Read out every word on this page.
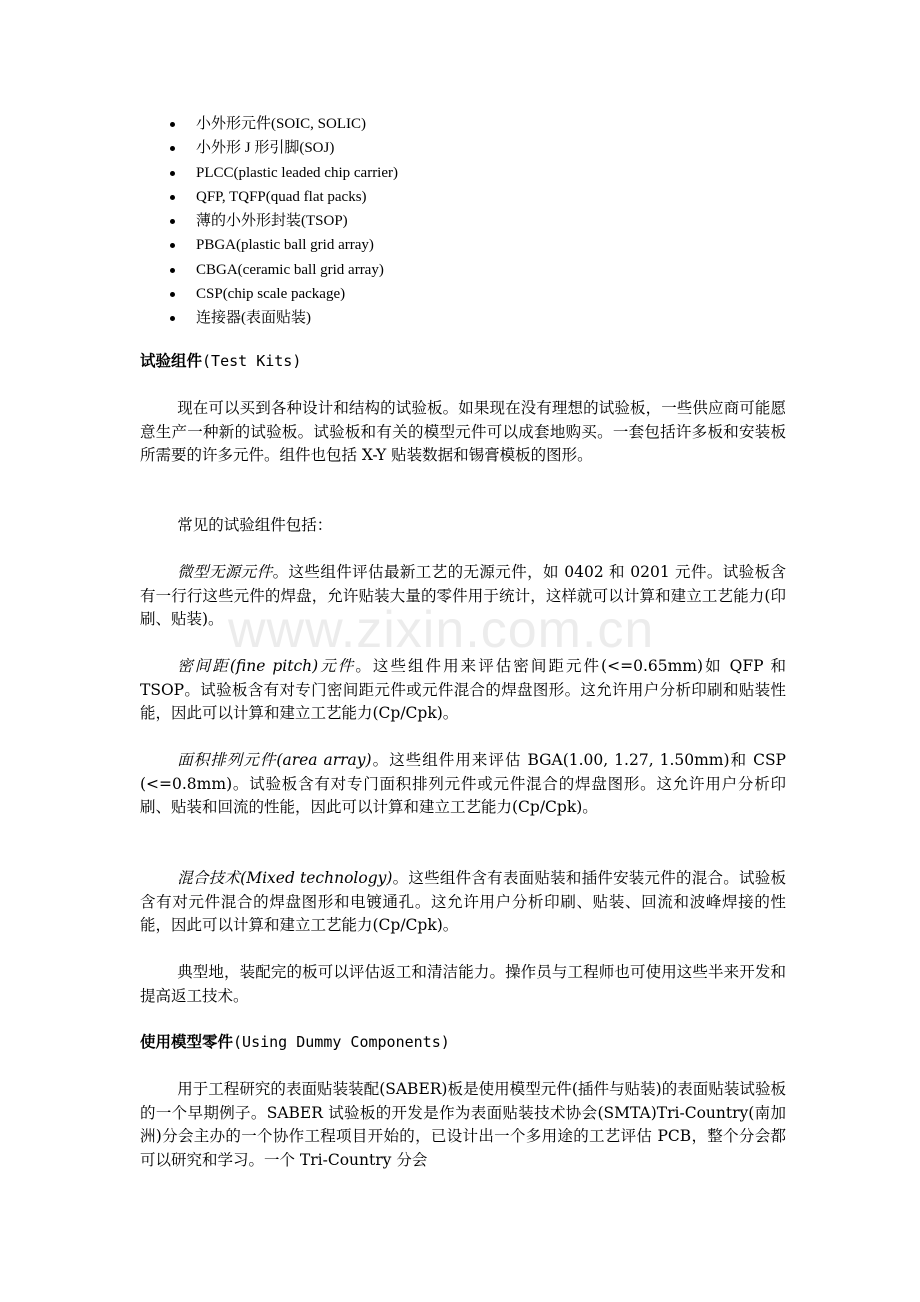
小外形元件(SOIC, SOLIC)
小外形 J 形引脚(SOJ)
PLCC(plastic leaded chip carrier)
QFP, TQFP(quad flat packs)
薄的小外形封装(TSOP)
PBGA(plastic ball grid array)
CBGA(ceramic ball grid array)
CSP(chip scale package)
连接器(表面贴装)
试验组件(Test Kits)

现在可以买到各种设计和结构的试验板。如果现在没有理想的试验板，一些供应商可能愿意生产一种新的试验板。试验板和有关的模型元件可以成套地购买。一套包括许多板和安装板所需要的许多元件。组件也包括 X-Y 贴装数据和锡膏模板的图形。

常见的试验组件包括：

微型无源元件。这些组件评估最新工艺的无源元件，如 0402 和 0201 元件。试验板含有一行行这些元件的焊盘，允许贴装大量的零件用于统计，这样就可以计算和建立工艺能力(印刷、贴装)。

密间距(fine pitch)元件。这些组件用来评估密间距元件(<=0.65mm)如 QFP 和 TSOP。试验板含有对专门密间距元件或元件混合的焊盘图形。这允许用户分析印刷和贴装性能，因此可以计算和建立工艺能力(Cp/Cpk)。

面积排列元件(area array)。这些组件用来评估 BGA(1.00, 1.27, 1.50mm)和 CSP (<=0.8mm)。试验板含有对专门面积排列元件或元件混合的焊盘图形。这允许用户分析印刷、贴装和回流的性能，因此可以计算和建立工艺能力(Cp/Cpk)。

混合技术(Mixed technology)。这些组件含有表面贴装和插件安装元件的混合。试验板含有对元件混合的焊盘图形和电镀通孔。这允许用户分析印刷、贴装、回流和波峰焊接的性能，因此可以计算和建立工艺能力(Cp/Cpk)。

典型地，装配完的板可以评估返工和清洁能力。操作员与工程师也可使用这些半来开发和提高返工技术。

使用模型零件(Using Dummy Components)

用于工程研究的表面贴装装配(SABER)板是使用模型元件(插件与贴装)的表面贴装试验板的一个早期例子。SABER 试验板的开发是作为表面贴装技术协会(SMTA)Tri-Country(南加洲)分会主办的一个协作工程项目开始的，已设计出一个多用途的工艺评估 PCB，整个分会都可以研究和学习。一个 Tri-Country 分会

www.zixin.com.cn
